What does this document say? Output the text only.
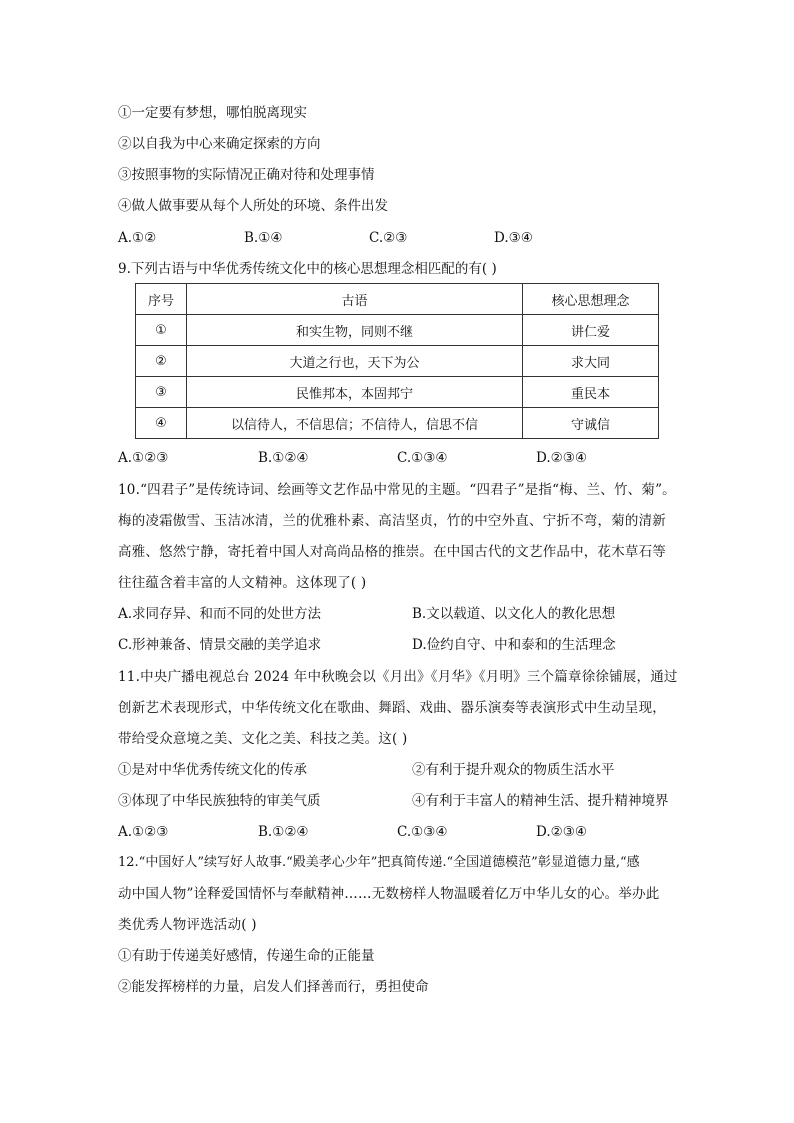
①一定要有梦想，哪怕脱离现实
②以自我为中心来确定探索的方向
③按照事物的实际情况正确对待和处理事情
④做人做事要从每个人所处的环境、条件出发
A.①②	B.①④	C.②③	D.③④
9.下列古语与中华优秀传统文化中的核心思想理念相匹配的有( )
序号	古语	核心思想理念
①	和实生物，同则不继	讲仁爱
②	大道之行也，天下为公	求大同
③	民惟邦本，本固邦宁	重民本
④	以信待人，不信思信；不信待人，信思不信	守诚信
A.①②③	B.①②④	C.①③④	D.②③④
10.“四君子”是传统诗词、绘画等文艺作品中常见的主题。“四君子”是指“梅、兰、竹、菊”。
梅的凌霜傲雪、玉洁冰清，兰的优雅朴素、高洁坚贞，竹的中空外直、宁折不弯，菊的清新
高雅、悠然宁静，寄托着中国人对高尚品格的推崇。在中国古代的文艺作品中，花木草石等
往往蕴含着丰富的人文精神。这体现了( )
A.求同存异、和而不同的处世方法	B.文以载道、以文化人的教化思想
C.形神兼备、情景交融的美学追求	D.俭约自守、中和泰和的生活理念
11.中央广播电视总台 2024 年中秋晚会以《月出》《月华》《月明》三个篇章徐徐铺展，通过
创新艺术表现形式，中华传统文化在歌曲、舞蹈、戏曲、器乐演奏等表演形式中生动呈现，
带给受众意境之美、文化之美、科技之美。这( )
①是对中华优秀传统文化的传承	②有利于提升观众的物质生活水平
③体现了中华民族独特的审美气质	④有利于丰富人的精神生活、提升精神境界
A.①②③	B.①②④	C.①③④	D.②③④
12.“中国好人”续写好人故事.“殿美孝心少年”把真简传递.“全国道德模范”彰显道德力量,“感
动中国人物”诠释爱国情怀与奉献精神……无数榜样人物温暖着亿万中华儿女的心。举办此
类优秀人物评选活动( )
①有助于传递美好感情，传递生命的正能量
②能发挥榜样的力量，启发人们择善而行，勇担使命
